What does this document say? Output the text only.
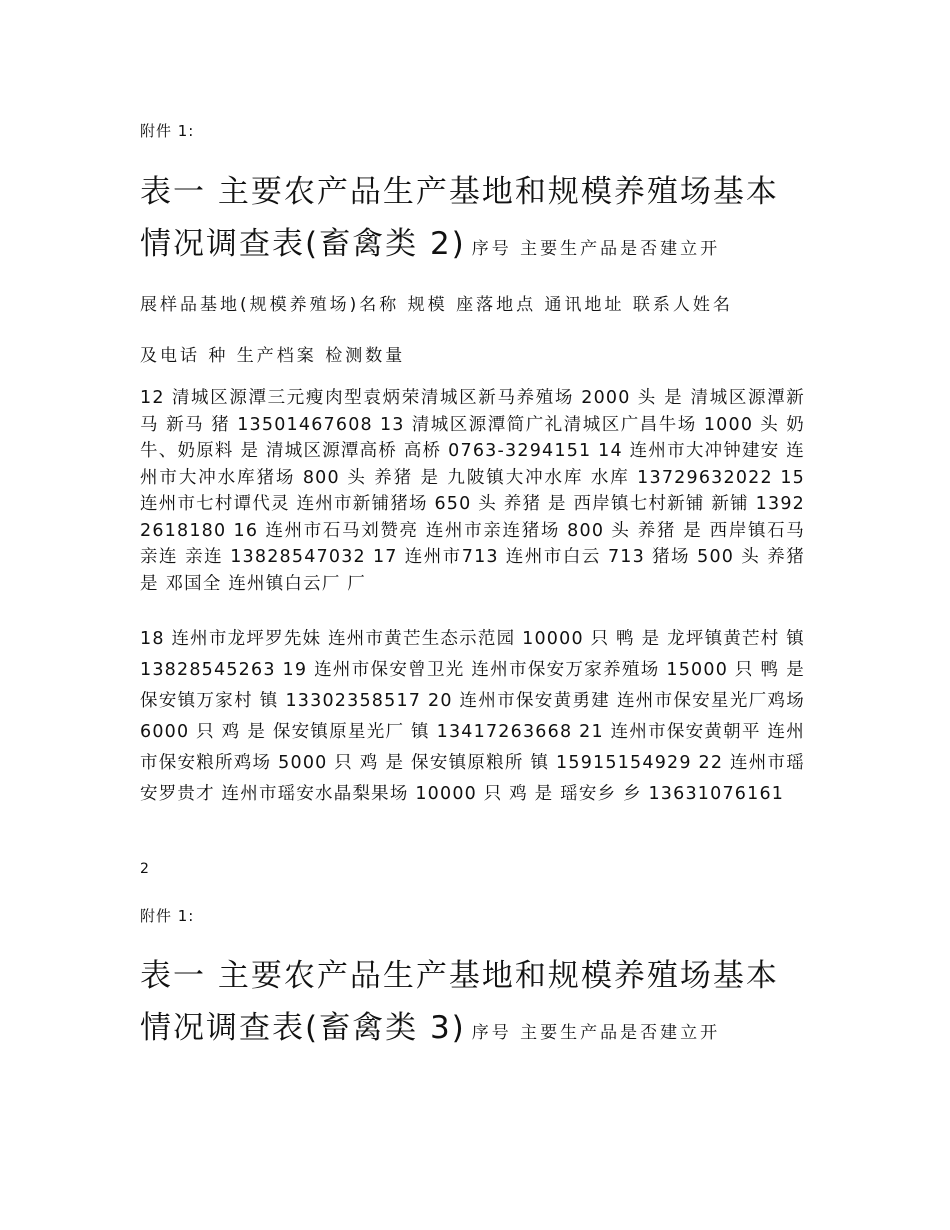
附件 1:
表一 主要农产品生产基地和规模养殖场基本情况调查表(畜禽类 2) 序号 主要生产品是否建立开
展样品基地(规模养殖场)名称 规模 座落地点 通讯地址 联系人姓名
及电话 种 生产档案 检测数量

12 清城区源潭三元瘦肉型袁炳荣清城区新马养殖场 2000 头 是 清城区源潭新马 新马 猪 13501467608 13 清城区源潭简广礼清城区广昌牛场 1000 头 奶牛、奶原料 是 清城区源潭高桥 高桥 0763-3294151 14 连州市大冲钟建安 连州市大冲水库猪场 800 头 养猪 是 九陂镇大冲水库 水库 13729632022 15 连州市七村谭代灵 连州市新铺猪场 650 头 养猪 是 西岸镇七村新铺 新铺 13922618180 16 连州市石马刘赞亮 连州市亲连猪场 800 头 养猪 是 西岸镇石马亲连 亲连 13828547032 17 连州市713 连州市白云 713 猪场 500 头 养猪 是 邓国全 连州镇白云厂 厂

18 连州市龙坪罗先妹 连州市黄芒生态示范园 10000 只 鸭 是 龙坪镇黄芒村 镇 13828545263 19 连州市保安曾卫光 连州市保安万家养殖场 15000 只 鸭 是 保安镇万家村 镇 13302358517 20 连州市保安黄勇建 连州市保安星光厂鸡场 6000 只 鸡 是 保安镇原星光厂 镇 13417263668 21 连州市保安黄朝平 连州市保安粮所鸡场 5000 只 鸡 是 保安镇原粮所 镇 15915154929 22 连州市瑶安罗贵才 连州市瑶安水晶梨果场 10000 只 鸡 是 瑶安乡 乡 13631076161

2
附件 1:
表一 主要农产品生产基地和规模养殖场基本情况调查表(畜禽类 3) 序号 主要生产品是否建立开
